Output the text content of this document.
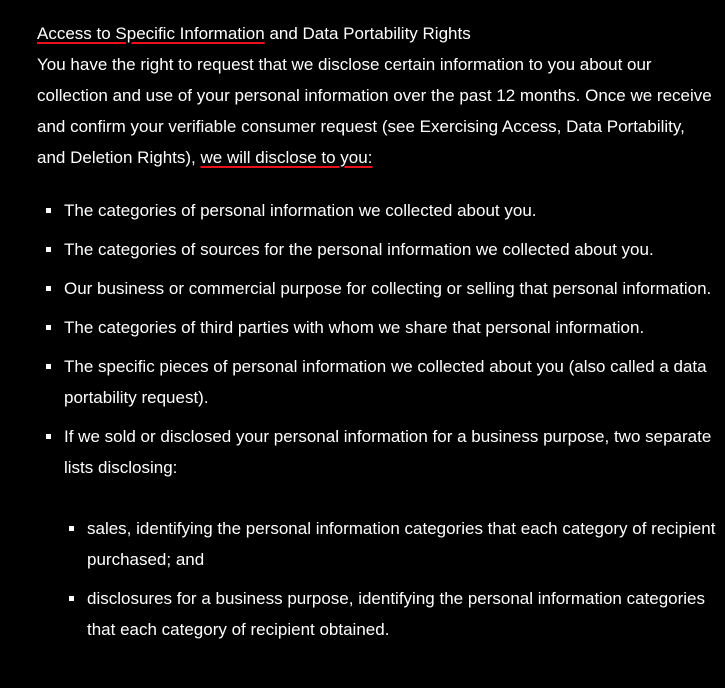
Access to Specific Information and Data Portability Rights

You have the right to request that we disclose certain information to you about our collection and use of your personal information over the past 12 months. Once we receive and confirm your verifiable consumer request (see Exercising Access, Data Portability, and Deletion Rights), we will disclose to you:

The categories of personal information we collected about you.
The categories of sources for the personal information we collected about you.
Our business or commercial purpose for collecting or selling that personal information.
The categories of third parties with whom we share that personal information.
The specific pieces of personal information we collected about you (also called a data portability request).
If we sold or disclosed your personal information for a business purpose, two separate lists disclosing:
sales, identifying the personal information categories that each category of recipient purchased; and
disclosures for a business purpose, identifying the personal information categories that each category of recipient obtained.
